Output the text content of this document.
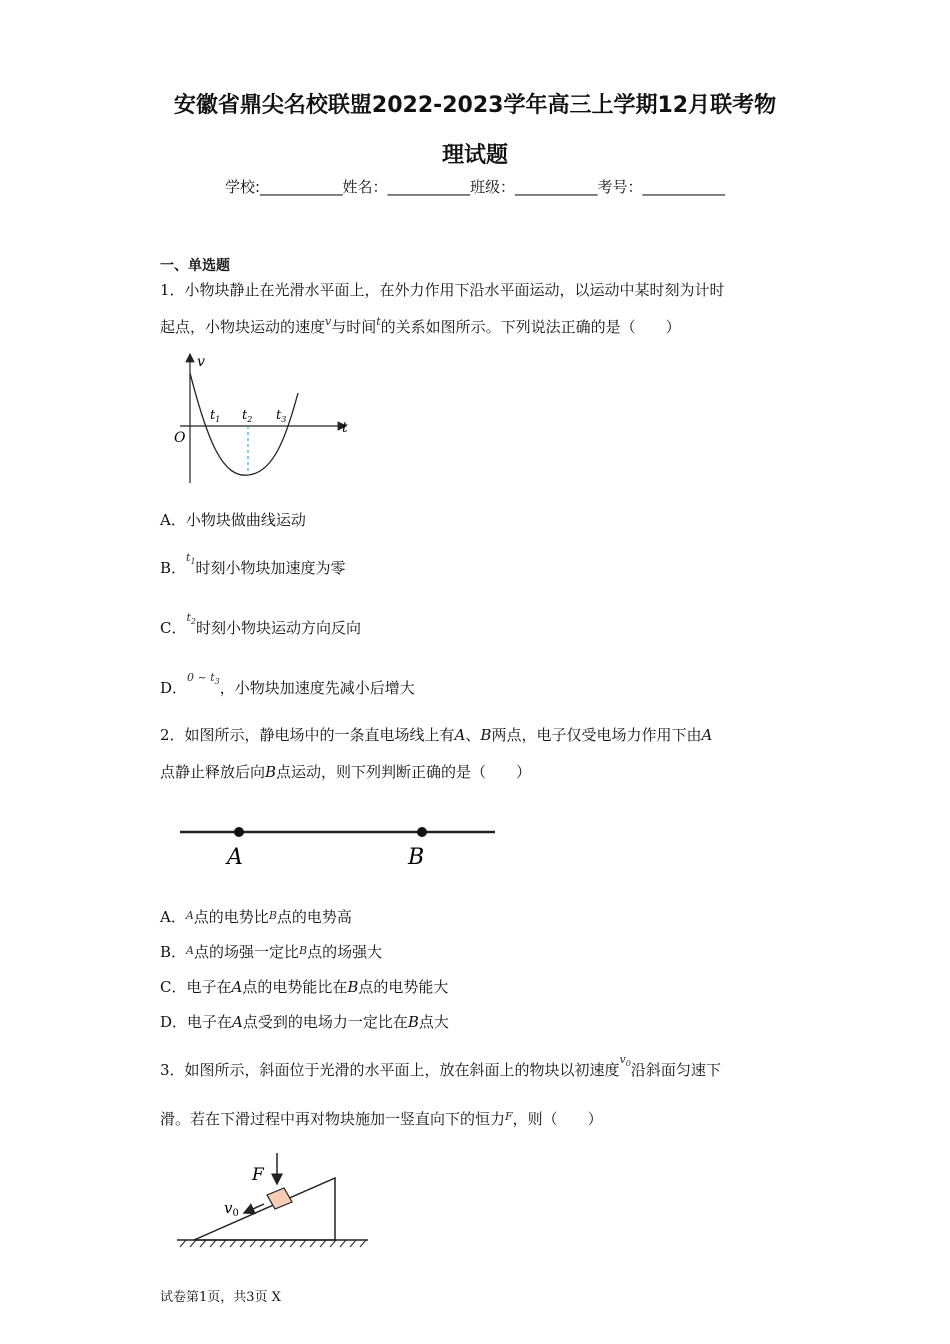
安徽省鼎尖名校联盟2022-2023学年高三上学期12月联考物
理试题
学校:___________姓名：___________班级：___________考号：___________
一、单选题
1．小物块静止在光滑水平面上，在外力作用下沿水平面运动，以运动中某时刻为计时
起点，小物块运动的速度$^v$与时间$^t$的关系如图所示。下列说法正确的是（　　）
v
t
O
$t_1$ $t_2$ $t_3$
A．小物块做曲线运动
B．$^{t_1}$时刻小物块加速度为零
C．$^{t_2}$时刻小物块运动方向反向
D．$^{0 \sim t_3}$，小物块加速度先减小后增大
2．如图所示，静电场中的一条直电场线上有A、B两点，电子仅受电场力作用下由A
点静止释放后向B点运动，则下列判断正确的是（　　）
A	B
A．$^A$点的电势比$^B$点的电势高
B．$^A$点的场强一定比$^B$点的场强大
C．电子在A点的电势能比在B点的电势能大
D．电子在A点受到的电场力一定比在B点大
3．如图所示，斜面位于光滑的水平面上，放在斜面上的物块以初速度$^{v_0}$沿斜面匀速下
滑。若在下滑过程中再对物块施加一竖直向下的恒力$^F$，则（　　）
F
$v_0$
试卷第1页，共3页 X
